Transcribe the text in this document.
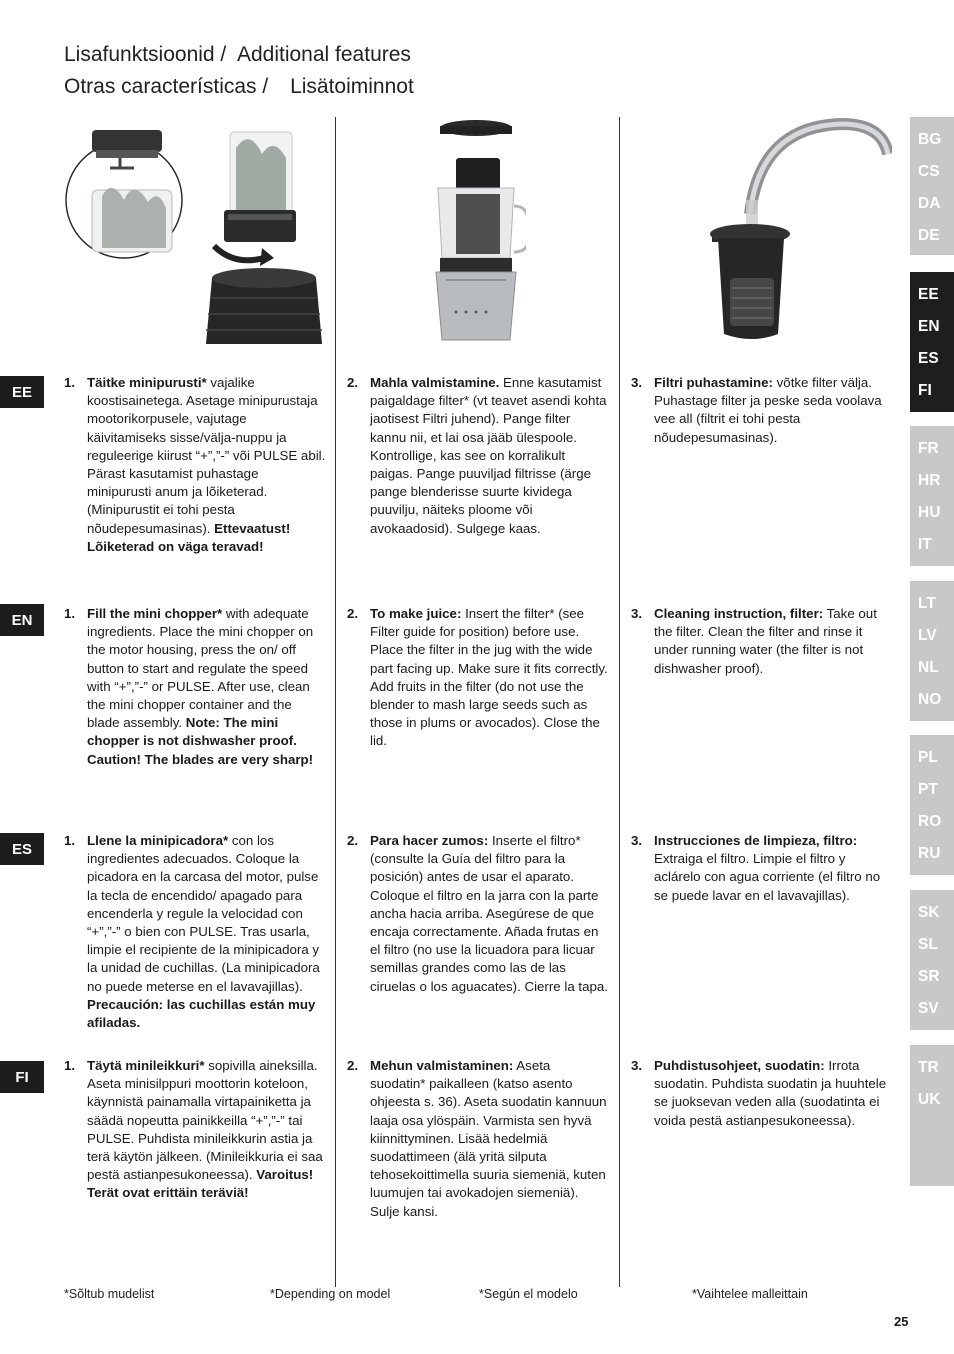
Lisafunktsioonid / Additional features
Otras características / Lisätoiminnot
EE
EN
ES
FI
1. Täitke minipurusti* vajalike koostisainetega. Asetage minipurustaja mootorikorpusele, vajutage käivitamiseks sisse/välja-nuppu ja reguleerige kiirust “+”,”-” või PULSE abil. Pärast kasutamist puhastage minipurusti anum ja lõiketerad. (Minipurustit ei tohi pesta nõudepesumasinas). Ettevaatust! Lõiketerad on väga teravad!
2. Mahla valmistamine. Enne kasutamist paigaldage filter* (vt teavet asendi kohta jaotisest Filtri juhend). Pange filter kannu nii, et lai osa jääb ülespoole. Kontrollige, kas see on korralikult paigas. Pange puuviljad filtrisse (ärge pange blenderisse suurte kividega puuvilju, näiteks ploome või avokaadosid). Sulgege kaas.
3. Filtri puhastamine: võtke filter välja. Puhastage filter ja peske seda voolava vee all (filtrit ei tohi pesta nõudepesumasinas).
1. Fill the mini chopper* with adequate ingredients. Place the mini chopper on the motor housing, press the on/ off button to start and regulate the speed with “+”,”-” or PULSE. After use, clean the mini chopper container and the blade assembly. Note: The mini chopper is not dishwasher proof. Caution! The blades are very sharp!
2. To make juice: Insert the filter* (see Filter guide for position) before use. Place the filter in the jug with the wide part facing up. Make sure it fits correctly. Add fruits in the filter (do not use the blender to mash large seeds such as those in plums or avocados). Close the lid.
3. Cleaning instruction, filter: Take out the filter. Clean the filter and rinse it under running water (the filter is not dishwasher proof).
1. Llene la minipicadora* con los ingredientes adecuados. Coloque la picadora en la carcasa del motor, pulse la tecla de encendido/ apagado para encenderla y regule la velocidad con “+”,”-” o bien con PULSE. Tras usarla, limpie el recipiente de la minipicadora y la unidad de cuchillas. (La minipicadora no puede meterse en el lavavajillas). Precaución: las cuchillas están muy afiladas.
2. Para hacer zumos: Inserte el filtro* (consulte la Guía del filtro para la posición) antes de usar el aparato. Coloque el filtro en la jarra con la parte ancha hacia arriba. Asegúrese de que encaja correctamente. Añada frutas en el filtro (no use la licuadora para licuar semillas grandes como las de las ciruelas o los aguacates). Cierre la tapa.
3. Instrucciones de limpieza, filtro: Extraiga el filtro. Limpie el filtro y aclárelo con agua corriente (el filtro no se puede lavar en el lavavajillas).
1. Täytä minileikkuri* sopivilla aineksilla. Aseta minisilppuri moottorin koteloon, käynnistä painamalla virtapainiketta ja säädä nopeutta painikkeilla “+”,”-” tai PULSE. Puhdista minileikkurin astia ja terä käytön jälkeen. (Minileikkuria ei saa pestä astianpesukoneessa). Varoitus! Terät ovat erittäin teräviä!
2. Mehun valmistaminen: Aseta suodatin* paikalleen (katso asento ohjeesta s. 36). Aseta suodatin kannuun laaja osa ylöspäin. Varmista sen hyvä kiinnittyminen. Lisää hedelmiä suodattimeen (älä yritä silputa tehosekoittimella suuria siemeniä, kuten luumujen tai avokadojen siemeniä). Sulje kansi.
3. Puhdistusohjeet, suodatin: Irrota suodatin. Puhdista suodatin ja huuhtele se juoksevan veden alla (suodatinta ei voida pestä astianpesukoneessa).
BG
CS
DA
DE
EE
EN
ES
FI
FR
HR
HU
IT
LT
LV
NL
NO
PL
PT
RO
RU
SK
SL
SR
SV
TR
UK
*Sõltub mudelist	*Depending on model	*Según el modelo	*Vaihtelee malleittain
25
